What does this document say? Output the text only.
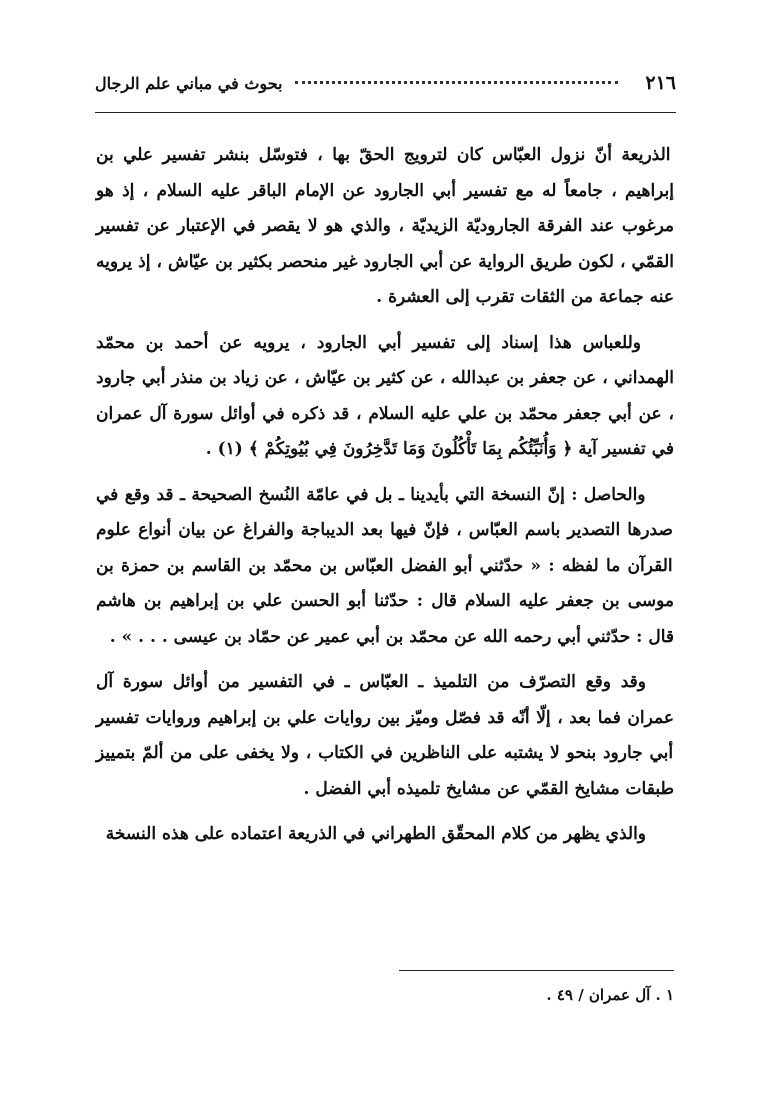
٢١٦
بحوث في مباني علم الرجال

الذريعة أنّ نزول العبّاس كان لترويج الحقّ بها ، فتوسّل بنشر تفسير علي بن إبراهيم ، جامعاً له مع تفسير أبي الجارود عن الإمام الباقر عليه السلام ، إذ هو مرغوب عند الفرقة الجاروديّة الزيديّة ، والذي هو لا يقصر في الإعتبار عن تفسير القمّي ، لكون طريق الرواية عن أبي الجارود غير منحصر بكثير بن عيّاش ، إذ يرويه عنه جماعة من الثقات تقرب إلى العشرة .

وللعباس هذا إسناد إلى تفسير أبي الجارود ، يرويه عن أحمد بن محمّد الهمداني ، عن جعفر بن عبدالله ، عن كثير بن عيّاش ، عن زياد بن منذر أبي جارود ، عن أبي جعفر محمّد بن علي عليه السلام ، قد ذكره في أوائل سورة آل عمران في تفسير آية ﴿ وَأُنَبِّئُكُم بِمَا تَأْكُلُونَ وَمَا تَدَّخِرُونَ فِي بُيُوتِكُمْ ﴾ (١) .

والحاصل : إنّ النسخة التي بأيدينا ـ بل في عامّة النُسخ الصحيحة ـ قد وقع في صدرها التصدير باسم العبّاس ، فإنّ فيها بعد الديباجة والفراغ عن بيان أنواع علوم القرآن ما لفظه : « حدّثني أبو الفضل العبّاس بن محمّد بن القاسم بن حمزة بن موسى بن جعفر عليه السلام قال : حدّثنا أبو الحسن علي بن إبراهيم بن هاشم قال : حدّثني أبي رحمه الله عن محمّد بن أبي عمير عن حمّاد بن عيسى . . . » .

وقد وقع التصرّف من التلميذ ـ العبّاس ـ في التفسير من أوائل سورة آل عمران فما بعد ، إلّا أنّه قد فصّل وميّز بين روايات علي بن إبراهيم وروايات تفسير أبي جارود بنحو لا يشتبه على الناظرين في الكتاب ، ولا يخفى على من ألمّ بتمييز طبقات مشايخ القمّي عن مشايخ تلميذه أبي الفضل .

والذي يظهر من كلام المحقّق الطهراني في الذريعة اعتماده على هذه النسخة

١ . آل عمران / ٤٩ .
